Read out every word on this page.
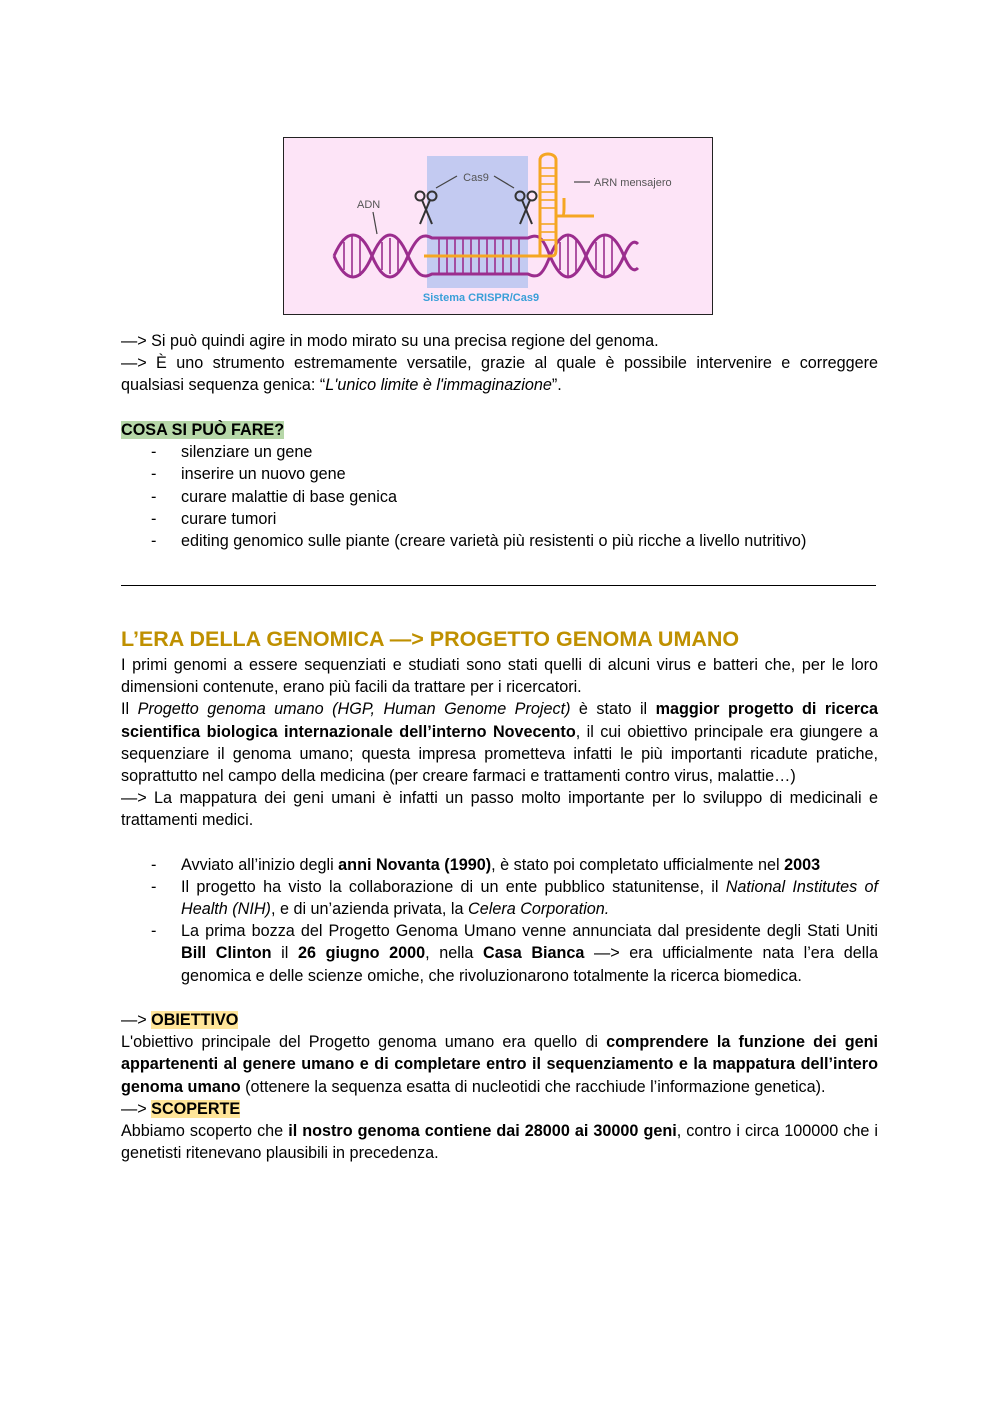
Cas9
ADN
ARN mensajero
Sistema CRISPR/Cas9

—> Si può quindi agire in modo mirato su una precisa regione del genoma.

—> È uno strumento estremamente versatile, grazie al quale è possibile intervenire e correggere qualsiasi sequenza genica: “L'unico limite è l'immaginazione”.

COSA SI PUÒ FARE?

- silenziare un gene
- inserire un nuovo gene
- curare malattie di base genica
- curare tumori
- editing genomico sulle piante (creare varietà più resistenti o più ricche a livello nutritivo)
L’ERA DELLA GENOMICA —> PROGETTO GENOMA UMANO

I primi genomi a essere sequenziati e studiati sono stati quelli di alcuni virus e batteri che, per le loro dimensioni contenute, erano più facili da trattare per i ricercatori.

Il Progetto genoma umano (HGP, Human Genome Project) è stato il maggior progetto di ricerca scientifica biologica internazionale dell’interno Novecento, il cui obiettivo principale era giungere a sequenziare il genoma umano; questa impresa prometteva infatti le più importanti ricadute pratiche, soprattutto nel campo della medicina (per creare farmaci e trattamenti contro virus, malattie…)

—> La mappatura dei geni umani è infatti un passo molto importante per lo sviluppo di medicinali e trattamenti medici.

- Avviato all’inizio degli anni Novanta (1990), è stato poi completato ufficialmente nel 2003
- Il progetto ha visto la collaborazione di un ente pubblico statunitense, il National Institutes of Health (NIH), e di un’azienda privata, la Celera Corporation.
- La prima bozza del Progetto Genoma Umano venne annunciata dal presidente degli Stati Uniti Bill Clinton il 26 giugno 2000, nella Casa Bianca —> era ufficialmente nata l’era della genomica e delle scienze omiche, che rivoluzionarono totalmente la ricerca biomedica.

—> OBIETTIVO

L'obiettivo principale del Progetto genoma umano era quello di comprendere la funzione dei geni appartenenti al genere umano e di completare entro il sequenziamento e la mappatura dell’intero genoma umano (ottenere la sequenza esatta di nucleotidi che racchiude l’informazione genetica).

—> SCOPERTE

Abbiamo scoperto che il nostro genoma contiene dai 28000 ai 30000 geni, contro i circa 100000 che i genetisti ritenevano plausibili in precedenza.
